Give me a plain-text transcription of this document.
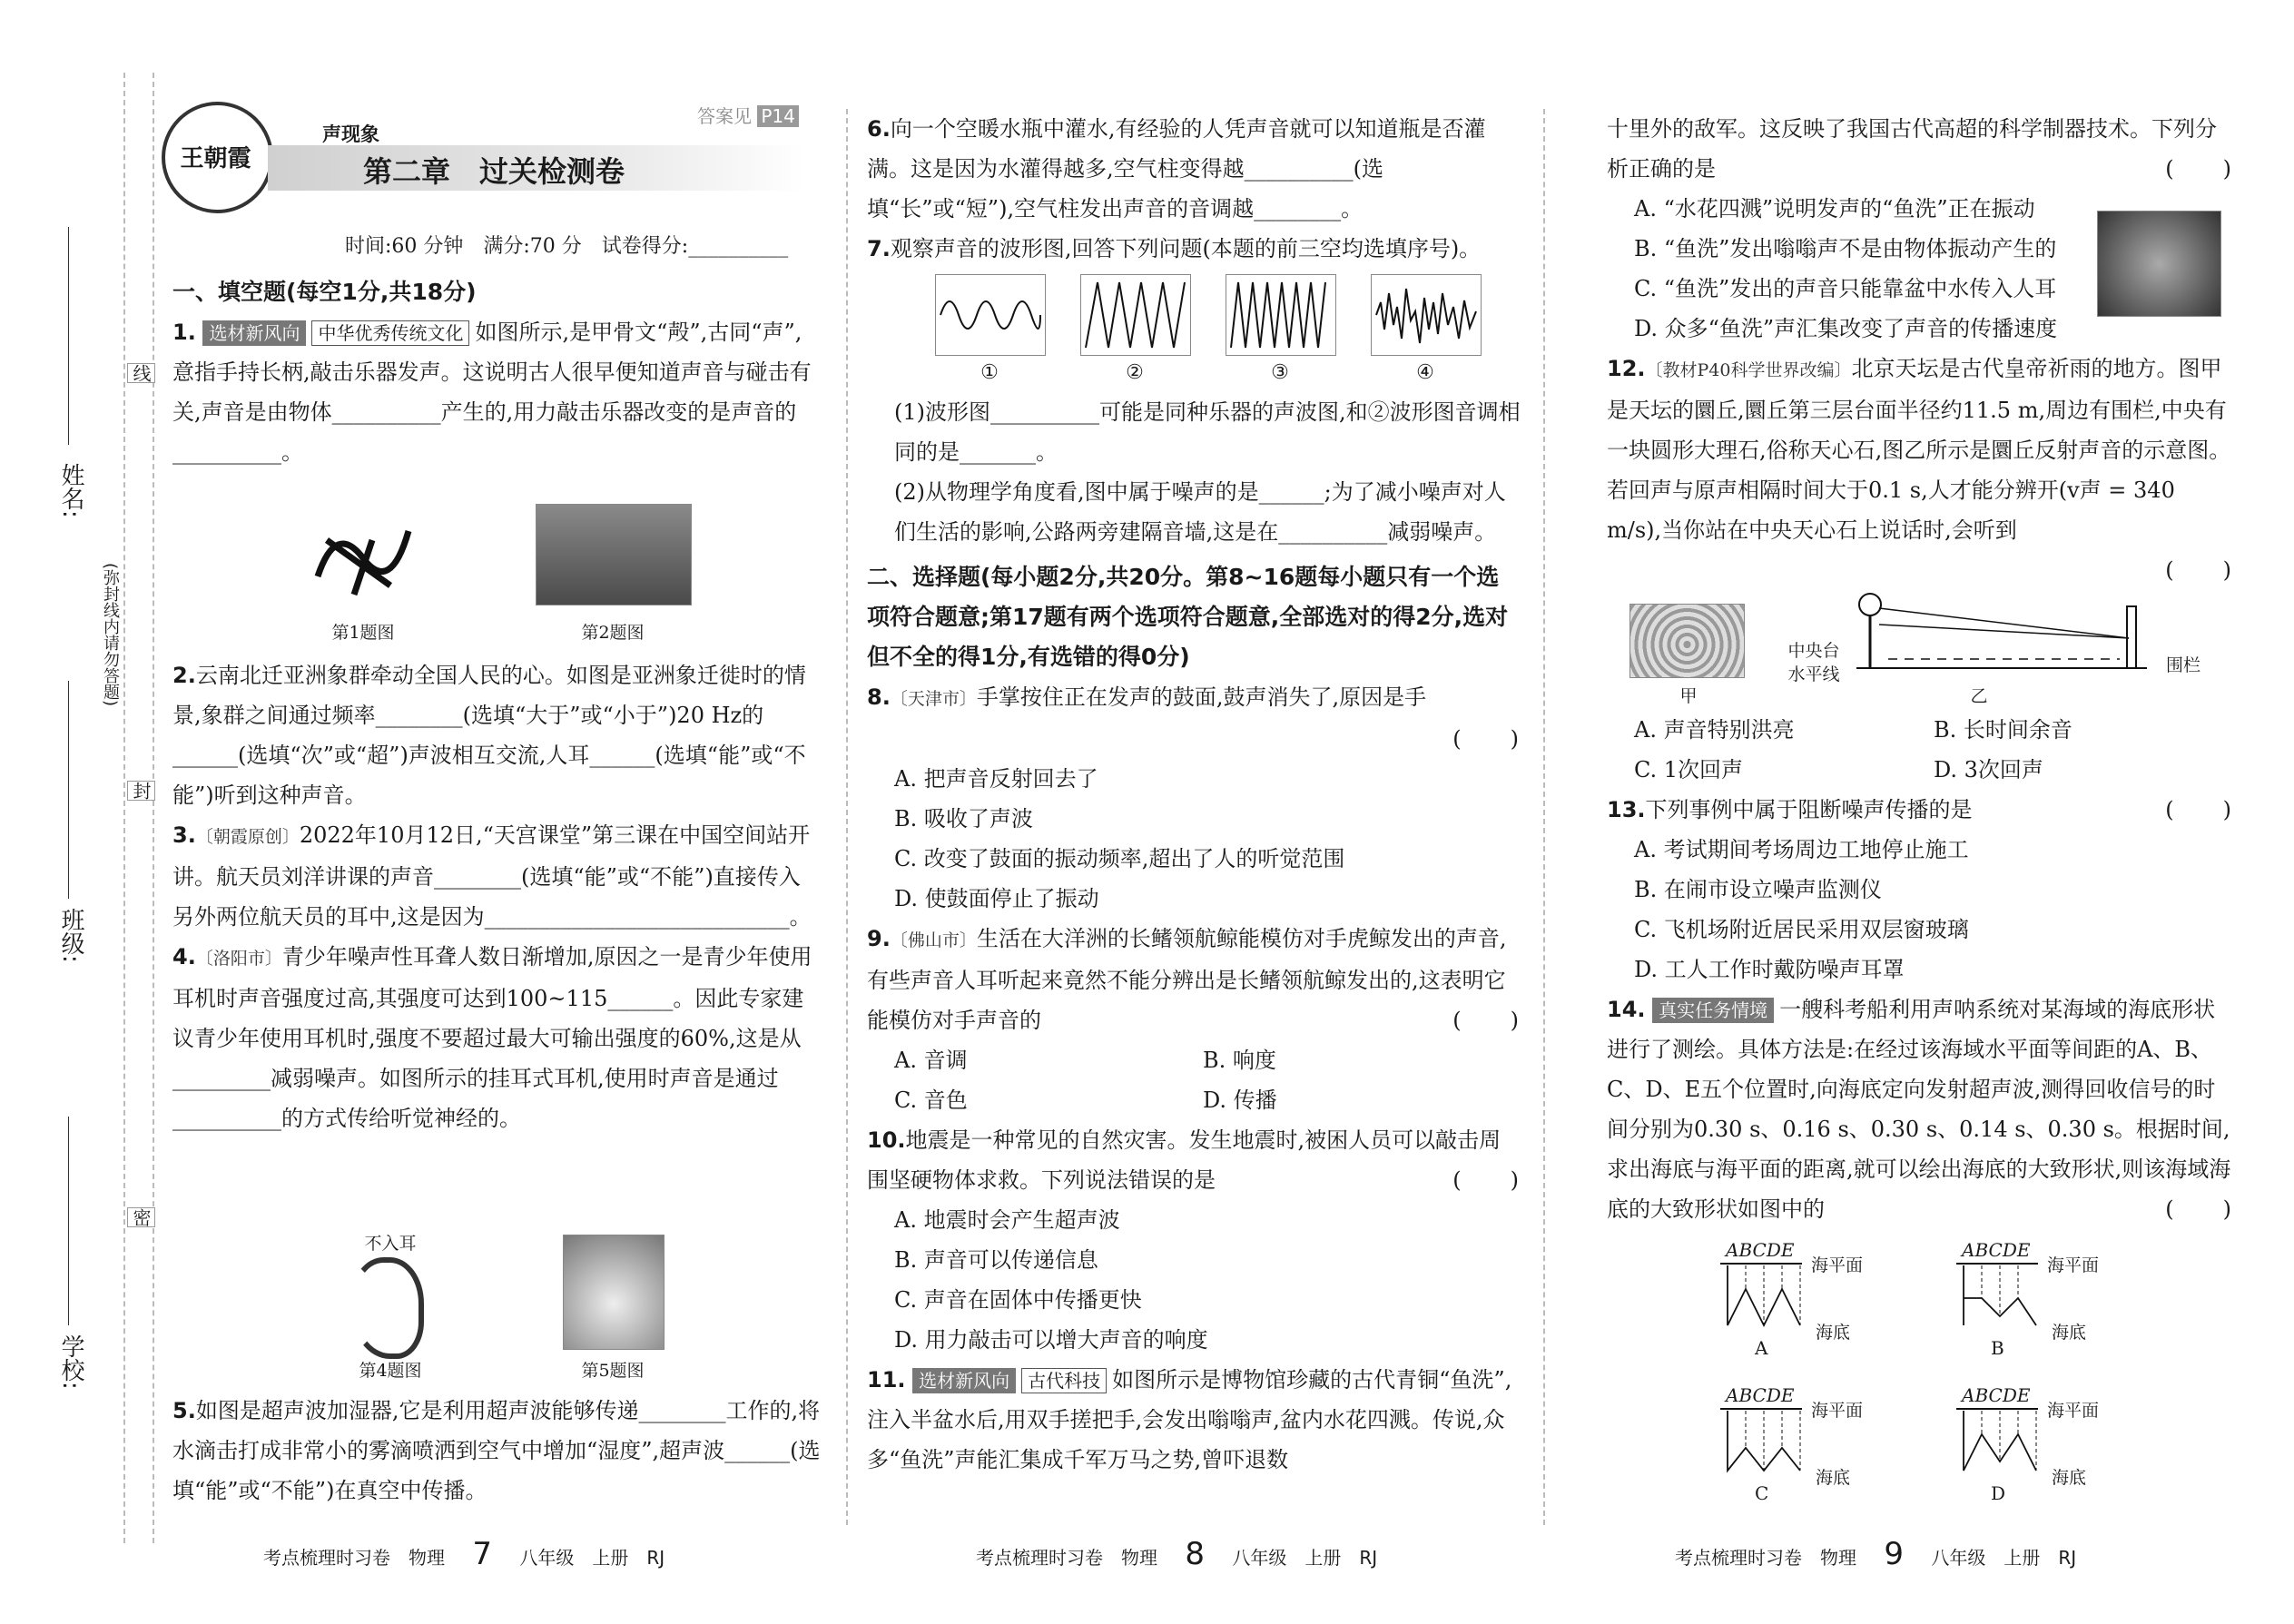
姓名:
班级:
学校:
线
封
密
(弥封线内请勿答题)
王朝霞
声现象
第二章　过关检测卷
答案见 P14
时间:60 分钟　满分:70 分　试卷得分:__________

一、填空题(每空1分,共18分)

1. 选材新风向 中华优秀传统文化 如图所示,是甲骨文“殸”,古同“声”,意指手持长柄,敲击乐器发声。这说明古人很早便知道声音与碰击有关,声音是由物体__________产生的,用力敲击乐器改变的是声音的__________。

第1题图	第2题图

2.云南北迁亚洲象群牵动全国人民的心。如图是亚洲象迁徙时的情景,象群之间通过频率________(选填“大于”或“小于”)20 Hz的______(选填“次”或“超”)声波相互交流,人耳______(选填“能”或“不能”)听到这种声音。

3.〔朝霞原创〕2022年10月12日,“天宫课堂”第三课在中国空间站开讲。航天员刘洋讲课的声音________(选填“能”或“不能”)直接传入另外两位航天员的耳中,这是因为____________________________。

4.〔洛阳市〕青少年噪声性耳聋人数日渐增加,原因之一是青少年使用耳机时声音强度过高,其强度可达到100~115______。因此专家建议青少年使用耳机时,强度不要超过最大可输出强度的60%,这是从_________减弱噪声。如图所示的挂耳式耳机,使用时声音是通过__________的方式传给听觉神经的。

不入耳
第4题图	第5题图

5.如图是超声波加湿器,它是利用超声波能够传递________工作的,将水滴击打成非常小的雾滴喷洒到空气中增加“湿度”,超声波______(选填“能”或“不能”)在真空中传播。

6.向一个空暖水瓶中灌水,有经验的人凭声音就可以知道瓶是否灌满。这是因为水灌得越多,空气柱变得越__________(选填“长”或“短”),空气柱发出声音的音调越________。

7.观察声音的波形图,回答下列问题(本题的前三空均选填序号)。

①	②	③	④

(1)波形图__________可能是同种乐器的声波图,和②波形图音调相同的是_______。

(2)从物理学角度看,图中属于噪声的是______;为了减小噪声对人们生活的影响,公路两旁建隔音墙,这是在__________减弱噪声。

二、选择题(每小题2分,共20分。第8~16题每小题只有一个选项符合题意;第17题有两个选项符合题意,全部选对的得2分,选对但不全的得1分,有选错的得0分)

8.〔天津市〕手掌按住正在发声的鼓面,鼓声消失了,原因是手

(　　)

A. 把声音反射回去了

B. 吸收了声波

C. 改变了鼓面的振动频率,超出了人的听觉范围

D. 使鼓面停止了振动

9.〔佛山市〕生活在大洋洲的长鳍领航鲸能模仿对手虎鲸发出的声音,有些声音人耳听起来竟然不能分辨出是长鳍领航鲸发出的,这表明它能模仿对手声音的	(　　)

A. 音调	B. 响度
C. 音色	D. 传播

10.地震是一种常见的自然灾害。发生地震时,被困人员可以敲击周围坚硬物体求救。下列说法错误的是	(　　)

A. 地震时会产生超声波

B. 声音可以传递信息

C. 声音在固体中传播更快

D. 用力敲击可以增大声音的响度

11. 选材新风向 古代科技 如图所示是博物馆珍藏的古代青铜“鱼洗”,注入半盆水后,用双手搓把手,会发出嗡嗡声,盆内水花四溅。传说,众多“鱼洗”声能汇集成千军万马之势,曾吓退数

十里外的敌军。这反映了我国古代高超的科学制器技术。下列分析正确的是	(　　)

A. “水花四溅”说明发声的“鱼洗”正在振动

B. “鱼洗”发出嗡嗡声不是由物体振动产生的

C. “鱼洗”发出的声音只能靠盆中水传入人耳

D. 众多“鱼洗”声汇集改变了声音的传播速度

12.〔教材P40科学世界改编〕北京天坛是古代皇帝祈雨的地方。图甲是天坛的圜丘,圜丘第三层台面半径约11.5 m,周边有围栏,中央有一块圆形大理石,俗称天心石,图乙所示是圜丘反射声音的示意图。若回声与原声相隔时间大于0.1 s,人才能分辨开(v声 = 340 m/s),当你站在中央天心石上说话时,会听到

(　　)

甲
中央台
水平线	围栏
乙
A. 声音特别洪亮	B. 长时间余音
C. 1次回声	D. 3次回声

13.下列事例中属于阻断噪声传播的是	(　　)

A. 考试期间考场周边工地停止施工

B. 在闹市设立噪声监测仪

C. 飞机场附近居民采用双层窗玻璃

D. 工人工作时戴防噪声耳罩

14. 真实任务情境 一艘科考船利用声呐系统对某海域的海底形状进行了测绘。具体方法是:在经过该海域水平面等间距的A、B、C、D、E五个位置时,向海底定向发射超声波,测得回收信号的时间分别为0.30 s、0.16 s、0.30 s、0.14 s、0.30 s。根据时间,求出海底与海平面的距离,就可以绘出海底的大致形状,则该海域海底的大致形状如图中的	(　　)

ABCDE
海平面
海底
A
ABCDE
海平面
海底
B
ABCDE
海平面
海底
C
ABCDE
海平面
海底
D
考点梳理时习卷　物理 7 八年级　上册　RJ	考点梳理时习卷　物理 8 八年级　上册　RJ	考点梳理时习卷　物理 9 八年级　上册　RJ
